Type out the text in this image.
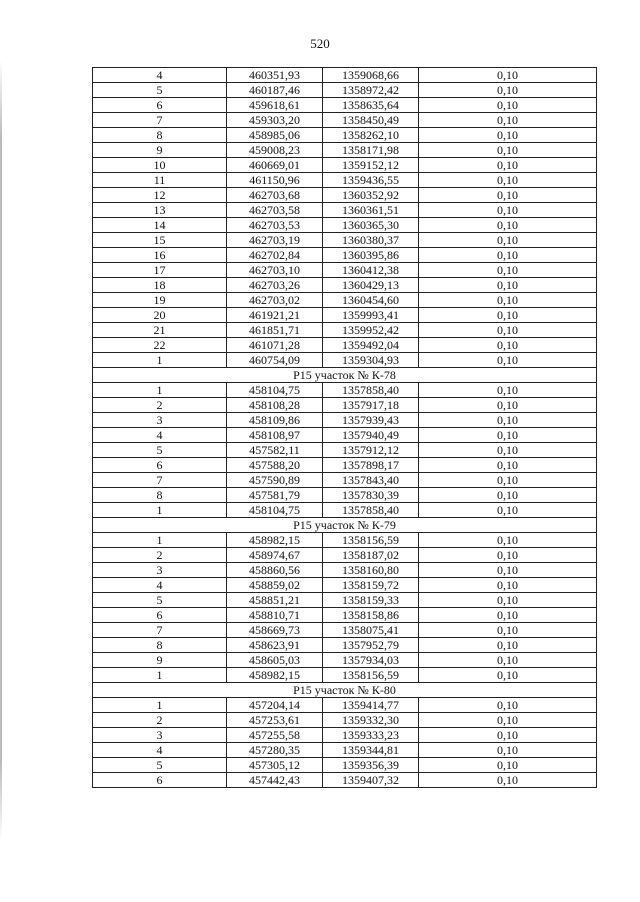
520
4	460351,93	1359068,66	0,10
5	460187,46	1358972,42	0,10
6	459618,61	1358635,64	0,10
7	459303,20	1358450,49	0,10
8	458985,06	1358262,10	0,10
9	459008,23	1358171,98	0,10
10	460669,01	1359152,12	0,10
11	461150,96	1359436,55	0,10
12	462703,68	1360352,92	0,10
13	462703,58	1360361,51	0,10
14	462703,53	1360365,30	0,10
15	462703,19	1360380,37	0,10
16	462702,84	1360395,86	0,10
17	462703,10	1360412,38	0,10
18	462703,26	1360429,13	0,10
19	462703,02	1360454,60	0,10
20	461921,21	1359993,41	0,10
21	461851,71	1359952,42	0,10
22	461071,28	1359492,04	0,10
1	460754,09	1359304,93	0,10
Р15 участок № К-78			
1	458104,75	1357858,40	0,10
2	458108,28	1357917,18	0,10
3	458109,86	1357939,43	0,10
4	458108,97	1357940,49	0,10
5	457582,11	1357912,12	0,10
6	457588,20	1357898,17	0,10
7	457590,89	1357843,40	0,10
8	457581,79	1357830,39	0,10
1	458104,75	1357858,40	0,10
Р15 участок № К-79			
1	458982,15	1358156,59	0,10
2	458974,67	1358187,02	0,10
3	458860,56	1358160,80	0,10
4	458859,02	1358159,72	0,10
5	458851,21	1358159,33	0,10
6	458810,71	1358158,86	0,10
7	458669,73	1358075,41	0,10
8	458623,91	1357952,79	0,10
9	458605,03	1357934,03	0,10
1	458982,15	1358156,59	0,10
Р15 участок № К-80			
1	457204,14	1359414,77	0,10
2	457253,61	1359332,30	0,10
3	457255,58	1359333,23	0,10
4	457280,35	1359344,81	0,10
5	457305,12	1359356,39	0,10
6	457442,43	1359407,32	0,10
